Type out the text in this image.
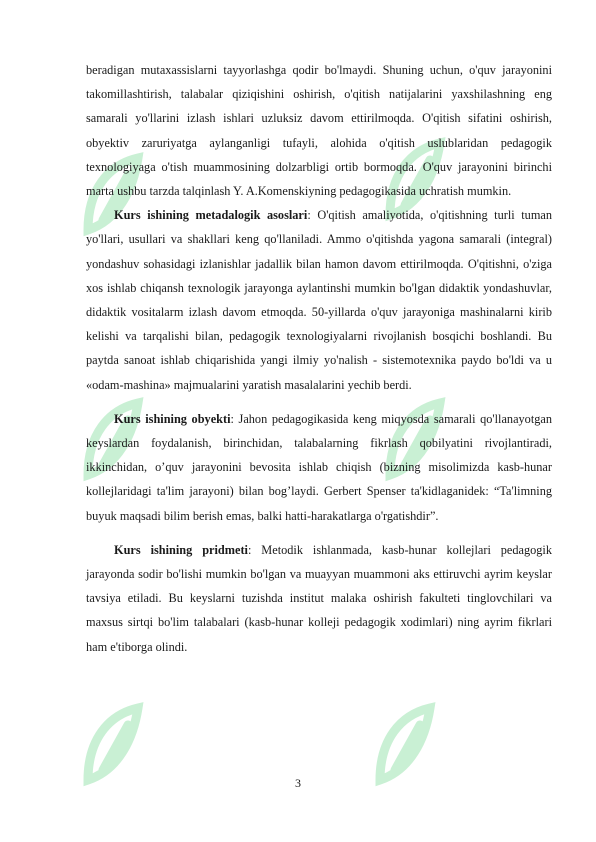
beradigan mutaxassislarni tayyorlashga qodir bo'lmaydi. Shuning uchun, o'quv jarayonini takomillashtirish, talabalar qiziqishini oshirish, o'qitish natijalarini yaxshilashning eng samarali yo'llarini izlash ishlari uzluksiz davom ettirilmoqda. O'qitish sifatini oshirish, obyektiv zaruriyatga aylanganligi tufayli, alohida o'qitish uslublaridan pedagogik texnologiyaga o'tish muammosining dolzarbligi ortib bormoqda. O'quv jarayonini birinchi marta ushbu tarzda talqinlash Y. A.Komenskiyning pedagogikasida uchratish mumkin.

Kurs ishining metadalogik asoslari: O'qitish amaliyotida, o'qitishning turli tuman yo'llari, usullari va shakllari keng qo'llaniladi. Ammo o'qitishda yagona samarali (integral) yondashuv sohasidagi izlanishlar jadallik bilan hamon davom ettirilmoqda. O'qitishni, o'ziga xos ishlab chiqansh texnologik jarayonga aylantinshi mumkin bo'lgan didaktik yondashuvlar, didaktik vositalarm izlash davom etmoqda. 50-yillarda o'quv jarayoniga mashinalarni kirib kelishi va tarqalishi bilan, pedagogik texnologiyalarni rivojlanish bosqichi boshlandi. Bu paytda sanoat ishlab chiqarishida yangi ilmiy yo'nalish - sistemotexnika paydo bo'ldi va u «odam-mashina» majmualarini yaratish masalalarini yechib berdi.

Kurs ishining obyekti: Jahon pedagogikasida keng miqyosda samarali qo'llanayotgan keyslardan foydalanish, birinchidan, talabalarning fikrlash qobilyatini rivojlantiradi, ikkinchidan, o’quv jarayonini bevosita ishlab chiqish (bizning misolimizda kasb-hunar kollejlaridagi ta'lim jarayoni) bilan bog’laydi. Gerbert Spenser ta'kidlaganidek: “Ta'limning buyuk maqsadi bilim berish emas, balki hatti-harakatlarga o'rgatishdir”.

Kurs ishining pridmeti: Metodik ishlanmada, kasb-hunar kollejlari pedagogik jarayonda sodir bo'lishi mumkin bo'lgan va muayyan muammoni aks ettiruvchi ayrim keyslar tavsiya etiladi. Bu keyslarni tuzishda institut malaka oshirish fakulteti tinglovchilari va maxsus sirtqi bo'lim talabalari (kasb-hunar kolleji pedagogik xodimlari) ning ayrim fikrlari ham e'tiborga olindi.

3
